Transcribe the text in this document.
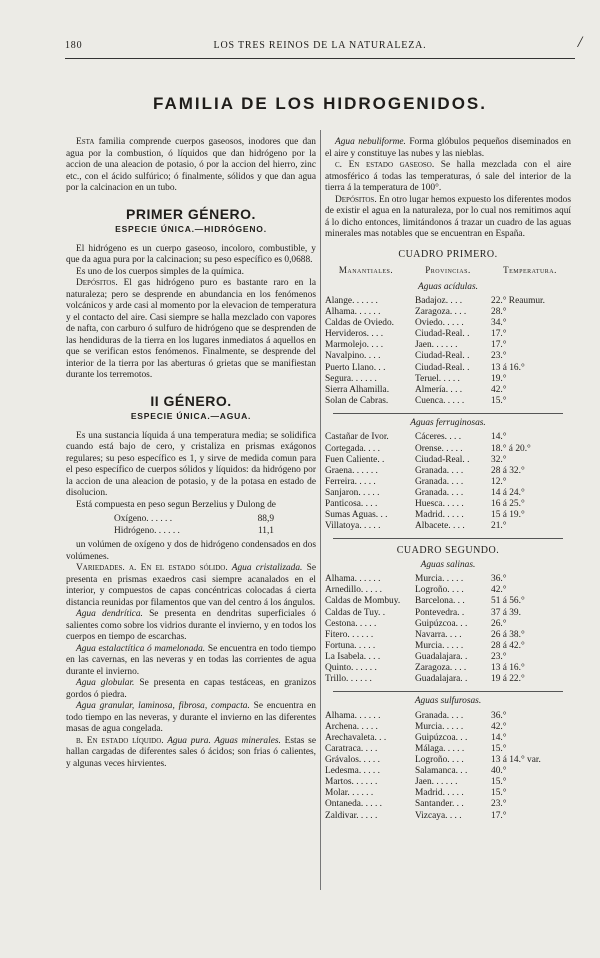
180	LOS TRES REINOS DE LA NATURALEZA.	/
FAMILIA DE LOS HIDROGENIDOS.

Esta familia comprende cuerpos gaseosos, inodores que dan agua por la combustion, ó líquidos que dan hidrógeno por la accion de una aleacion de potasio, ó por la accion del hierro, zinc etc., con el ácido sulfúrico; ó finalmente, sólidos y que dan agua por la calcinacion en un tubo.

PRIMER GÉNERO.
ESPECIE ÚNICA.—HIDRÓGENO.

El hidrógeno es un cuerpo gaseoso, incoloro, combustible, y que da agua pura por la calcinacion; su peso específico es 0,0688.

Es uno de los cuerpos simples de la química.

Depósitos. El gas hidrógeno puro es bastante raro en la naturaleza; pero se desprende en abundancia en los fenómenos volcánicos y arde casi al momento por la elevacion de temperatura y el contacto del aire. Casi siempre se halla mezclado con vapores de nafta, con carburo ó sulfuro de hidrógeno que se desprenden de las hendiduras de la tierra en los lugares inmediatos á aquellos en que se verifican estos fenómenos. Finalmente, se desprende del interior de la tierra por las aberturas ó grietas que se manifiestan durante los terremotos.

II GÉNERO.
ESPECIE ÚNICA.—AGUA.

Es una sustancia líquida á una temperatura media; se solidifica cuando está bajo de cero, y cristaliza en prismas exágonos regulares; su peso específico es 1, y sirve de medida comun para el peso específico de cuerpos sólidos y líquidos: da hidrógeno por la accion de una aleacion de potasio, y de la potasa en estado de disolucion.

Está compuesta en peso segun Berzelius y Dulong de

Oxígeno. . . . . .	88,9
Hidrógeno. . . . . .	11,1

un volúmen de oxígeno y dos de hidrógeno condensados en dos volúmenes.

Variedades. a. En el estado sólido. Agua cristalizada. Se presenta en prismas exaedros casi siempre acanalados en el interior, y compuestos de capas concéntricas colocadas á cierta distancia reunidas por filamentos que van del centro á los ángulos.

Agua dendrítica. Se presenta en dendritas superficiales ó salientes como sobre los vidrios durante el invierno, y en todos los cuerpos en tiempo de escarchas.

Agua estalactítica ó mamelonada. Se encuentra en todo tiempo en las cavernas, en las neveras y en todas las corrientes de agua durante el invierno.

Agua globular. Se presenta en capas testáceas, en granizos gordos ó piedra.

Agua granular, laminosa, fibrosa, compacta. Se encuentra en todo tiempo en las neveras, y durante el invierno en las diferentes masas de agua congelada.

b. En estado líquido. Agua pura. Aguas minerales. Estas se hallan cargadas de diferentes sales ó ácidos; son frias ó calientes, y algunas veces hirvientes.

Agua nebuliforme. Forma glóbulos pequeños diseminados en el aire y constituye las nubes y las nieblas.

c. En estado gaseoso. Se halla mezclada con el aire atmosférico á todas las temperaturas, ó sale del interior de la tierra á la temperatura de 100°.

Depósitos. En otro lugar hemos expuesto los diferentes modos de existir el agua en la naturaleza, por lo cual nos remitimos aquí á lo dicho entonces, limitándonos á trazar un cuadro de las aguas minerales mas notables que se encuentran en España.

CUADRO PRIMERO.
Manantiales.	Provincias.	Temperatura.
Aguas acídulas.
Alange. . . . . .	Badajoz. . . .	22.° Reaumur.
Alhama. . . . . .	Zaragoza. . . .	28.°
Caldas de Oviedo.	Oviedo. . . . .	34.°
Hervideros. . . .	Ciudad-Real. .	17.°
Marmolejo. . . .	Jaen. . . . . .	17.°
Navalpino. . . .	Ciudad-Real. .	23.°
Puerto Llano. . .	Ciudad-Real. .	13 á 16.°
Segura. . . . . .	Teruel. . . . .	19.°
Sierra Alhamilla.	Almería. . . .	42.°
Solan de Cabras.	Cuenca. . . . .	15.°
Aguas ferruginosas.
Castañar de Ivor.	Cáceres. . . .	14.°
Cortegada. . . .	Orense. . . . .	18.° á 20.°
Fuen Caliente. .	Ciudad-Real. .	32.°
Graena. . . . . .	Granada. . . .	28 á 32.°
Ferreira. . . . .	Granada. . . .	12.°
Sanjaron. . . . .	Granada. . . .	14 á 24.°
Panticosa. . . .	Huesca. . . . .	16 á 25.°
Sumas Aguas. . .	Madrid. . . . .	15 á 19.°
Villatoya. . . . .	Albacete. . . .	21.°
CUADRO SEGUNDO.
Aguas salinas.
Alhama. . . . . .	Murcia. . . . .	36.°
Arnedillo. . . . .	Logroño. . . .	42.°
Caldas de Mombuy.	Barcelona. . .	51 á 56.°
Caldas de Tuy. .	Pontevedra. .	37 á 39.
Cestona. . . . .	Guipúzcoa. . .	26.°
Fitero. . . . . .	Navarra. . . .	26 á 38.°
Fortuna. . . . .	Murcia. . . . .	28 á 42.°
La Isabela. . . .	Guadalajara. .	23.°
Quinto. . . . . .	Zaragoza. . . .	13 á 16.°
Trillo. . . . . .	Guadalajara. .	19 á 22.°
Aguas sulfurosas.
Alhama. . . . . .	Granada. . . .	36.°
Archena. . . . .	Murcia. . . . .	42.°
Arechavaleta. . .	Guipúzcoa. . .	14.°
Caratraca. . . .	Málaga. . . . .	15.°
Grávalos. . . . .	Logroño. . . .	13 á 14.° var.
Ledesma. . . . .	Salamanca. . .	40.°
Martos. . . . . .	Jaen. . . . . .	15.°
Molar. . . . . .	Madrid. . . . .	15.°
Ontaneda. . . . .	Santander. . .	23.°
Zaldivar. . . . .	Vizcaya. . . .	17.°
